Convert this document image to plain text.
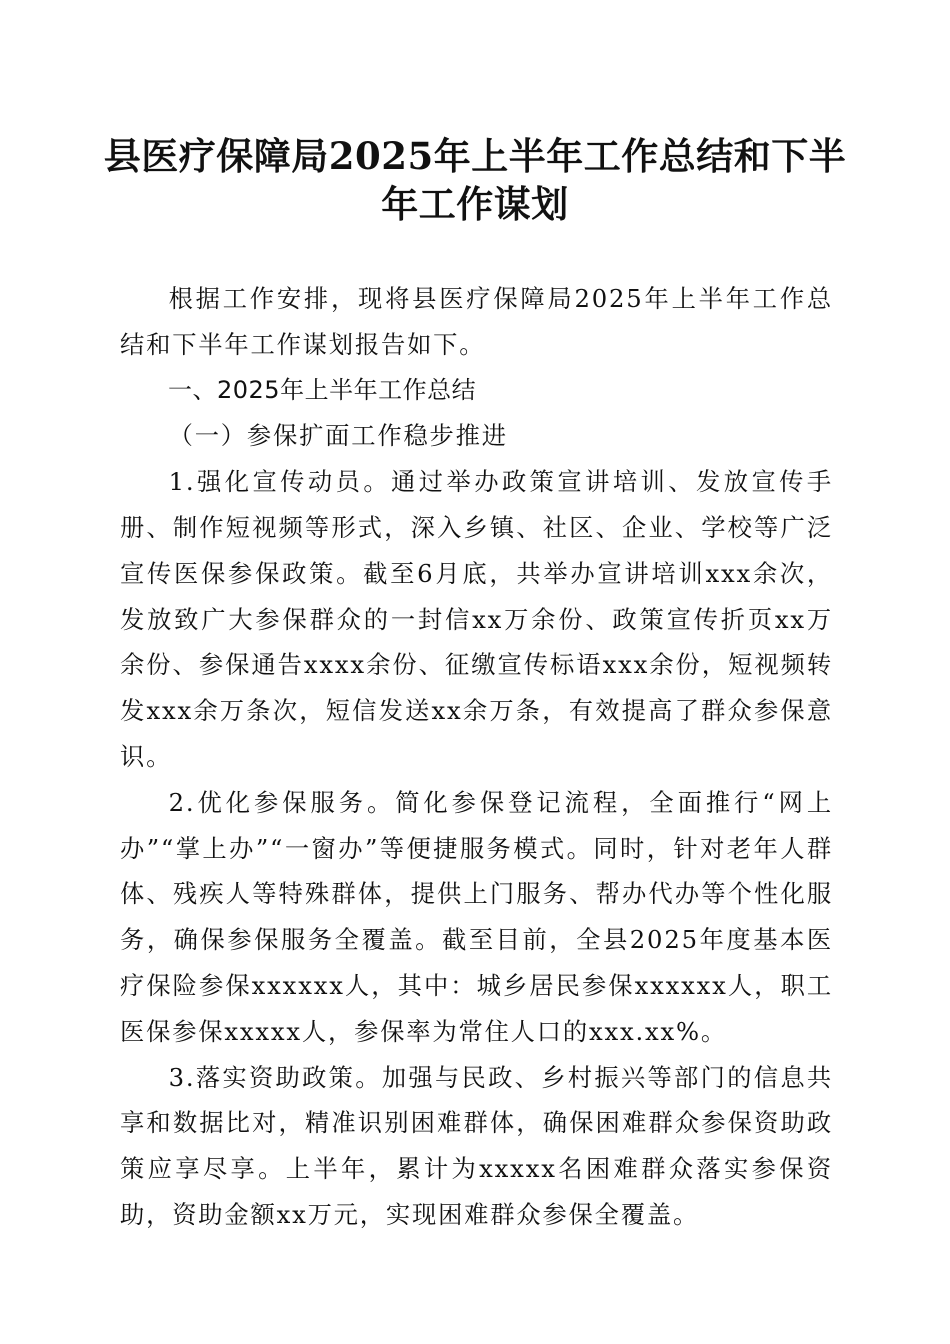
县医疗保障局2025年上半年工作总结和下半
年工作谋划

根据工作安排，现将县医疗保障局2025年上半年工作总结和下半年工作谋划报告如下。

一、2025年上半年工作总结

（一）参保扩面工作稳步推进

1.强化宣传动员。通过举办政策宣讲培训、发放宣传手册、制作短视频等形式，深入乡镇、社区、企业、学校等广泛宣传医保参保政策。截至6月底，共举办宣讲培训xxx余次，发放致广大参保群众的一封信xx万余份、政策宣传折页xx万余份、参保通告xxxx余份、征缴宣传标语xxx余份，短视频转发xxx余万条次，短信发送xx余万条，有效提高了群众参保意识。

2.优化参保服务。简化参保登记流程，全面推行“网上办”“掌上办”“一窗办”等便捷服务模式。同时，针对老年人群体、残疾人等特殊群体，提供上门服务、帮办代办等个性化服务，确保参保服务全覆盖。截至目前，全县2025年度基本医疗保险参保xxxxxx人，其中：城乡居民参保xxxxxx人，职工医保参保xxxxx人，参保率为常住人口的xxx.xx%。

3.落实资助政策。加强与民政、乡村振兴等部门的信息共享和数据比对，精准识别困难群体，确保困难群众参保资助政策应享尽享。上半年，累计为xxxxx名困难群众落实参保资助，资助金额xx万元，实现困难群众参保全覆盖。
